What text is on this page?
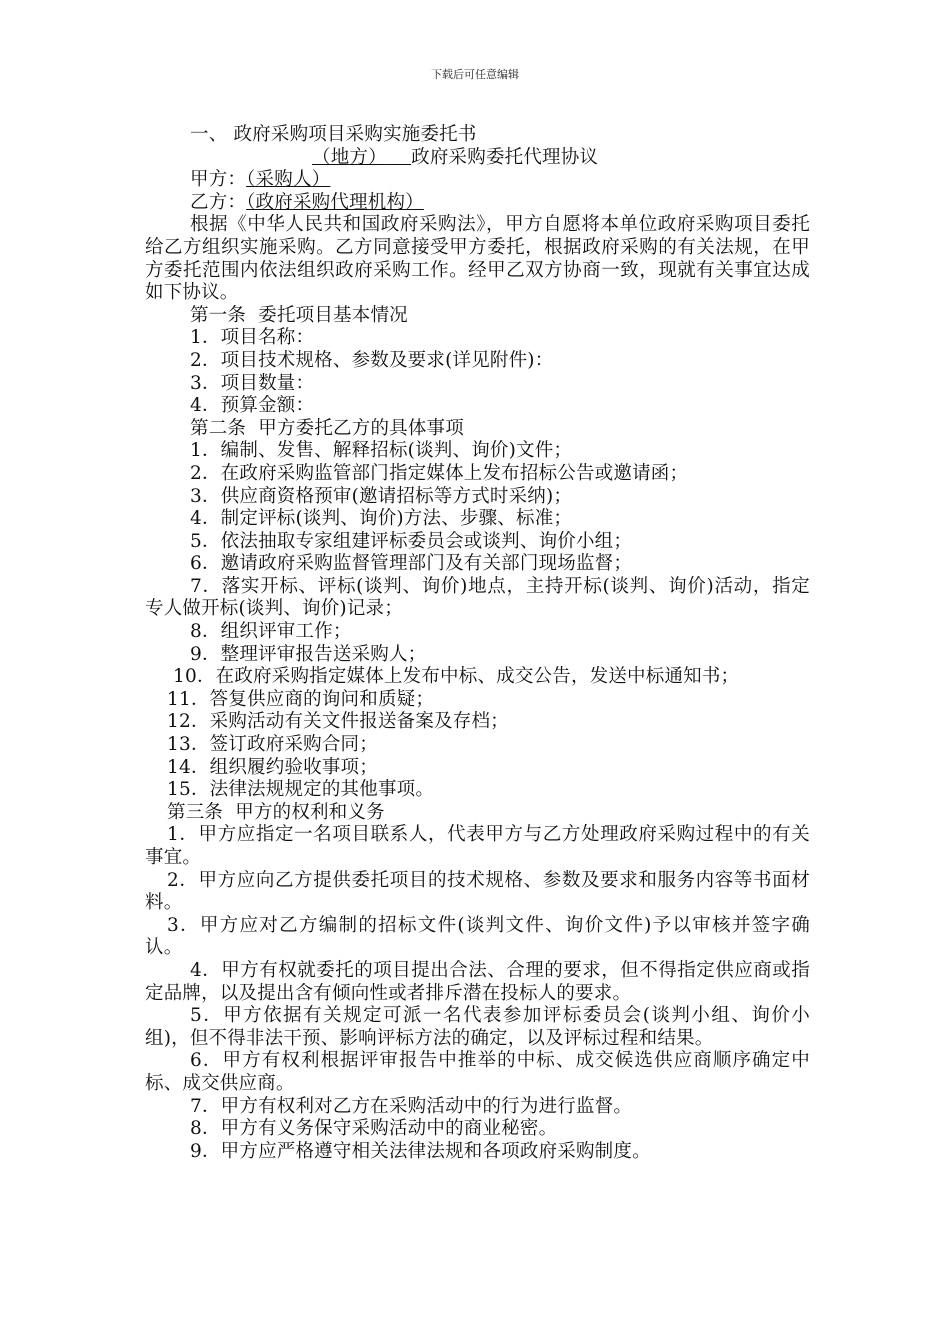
下载后可任意编辑
一、 政府采购项目采购实施委托书
（地方） 政府采购委托代理协议
甲方：（采购人）
乙方：（政府采购代理机构）
根据《中华人民共和国政府采购法》，甲方自愿将本单位政府采购项目委托给乙方组织实施采购。乙方同意接受甲方委托，根据政府采购的有关法规，在甲方委托范围内依法组织政府采购工作。经甲乙双方协商一致，现就有关事宜达成如下协议。
第一条  委托项目基本情况
1．项目名称：
2．项目技术规格、参数及要求(详见附件)：
3．项目数量：
4．预算金额：
第二条  甲方委托乙方的具体事项
1．编制、发售、解释招标(谈判、询价)文件；
2．在政府采购监管部门指定媒体上发布招标公告或邀请函；
3．供应商资格预审(邀请招标等方式时采纳)；
4．制定评标(谈判、询价)方法、步骤、标准；
5．依法抽取专家组建评标委员会或谈判、询价小组；
6．邀请政府采购监督管理部门及有关部门现场监督；
7．落实开标、评标(谈判、询价)地点，主持开标(谈判、询价)活动，指定专人做开标(谈判、询价)记录；
8．组织评审工作；
9．整理评审报告送采购人；
10．在政府采购指定媒体上发布中标、成交公告，发送中标通知书；
11．答复供应商的询问和质疑；
12．采购活动有关文件报送备案及存档；
13．签订政府采购合同；
14．组织履约验收事项；
15．法律法规规定的其他事项。
第三条  甲方的权利和义务
1．甲方应指定一名项目联系人，代表甲方与乙方处理政府采购过程中的有关事宜。
2．甲方应向乙方提供委托项目的技术规格、参数及要求和服务内容等书面材料。
3．甲方应对乙方编制的招标文件(谈判文件、询价文件)予以审核并签字确认。
4．甲方有权就委托的项目提出合法、合理的要求，但不得指定供应商或指定品牌，以及提出含有倾向性或者排斥潜在投标人的要求。
5．甲方依据有关规定可派一名代表参加评标委员会(谈判小组、询价小组)，但不得非法干预、影响评标方法的确定，以及评标过程和结果。
6．甲方有权利根据评审报告中推举的中标、成交候选供应商顺序确定中标、成交供应商。
7．甲方有权利对乙方在采购活动中的行为进行监督。
8．甲方有义务保守采购活动中的商业秘密。
9．甲方应严格遵守相关法律法规和各项政府采购制度。
